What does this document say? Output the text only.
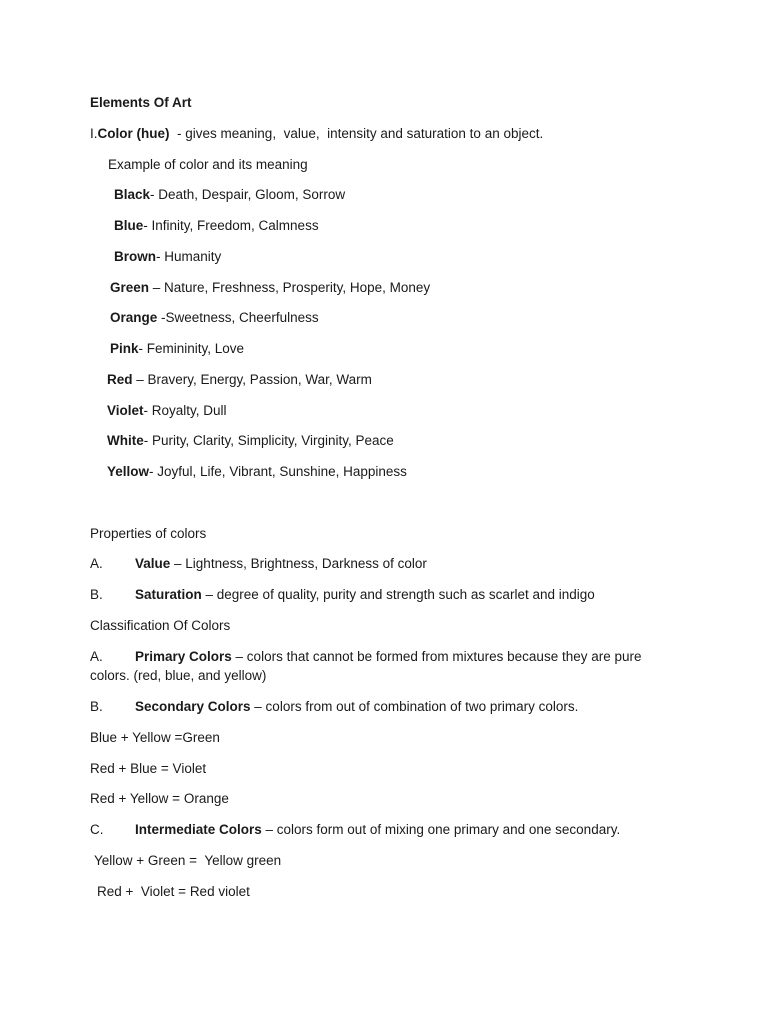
Elements Of Art
I.Color (hue)  - gives meaning,  value,  intensity and saturation to an object.
Example of color and its meaning
Black- Death, Despair, Gloom, Sorrow
Blue- Infinity, Freedom, Calmness
Brown- Humanity
Green – Nature, Freshness, Prosperity, Hope, Money
Orange -Sweetness, Cheerfulness
Pink- Femininity, Love
Red – Bravery, Energy, Passion, War, Warm
Violet- Royalty, Dull
White- Purity, Clarity, Simplicity, Virginity, Peace
Yellow- Joyful, Life, Vibrant, Sunshine, Happiness
Properties of colors
A. Value – Lightness, Brightness, Darkness of color
B. Saturation – degree of quality, purity and strength such as scarlet and indigo
Classification Of Colors
A. Primary Colors – colors that cannot be formed from mixtures because they are pure
colors. (red, blue, and yellow)
B. Secondary Colors – colors from out of combination of two primary colors.
Blue + Yellow =Green
Red + Blue = Violet
Red + Yellow = Orange
C. Intermediate Colors – colors form out of mixing one primary and one secondary.
Yellow + Green =  Yellow green
Red +  Violet = Red violet
